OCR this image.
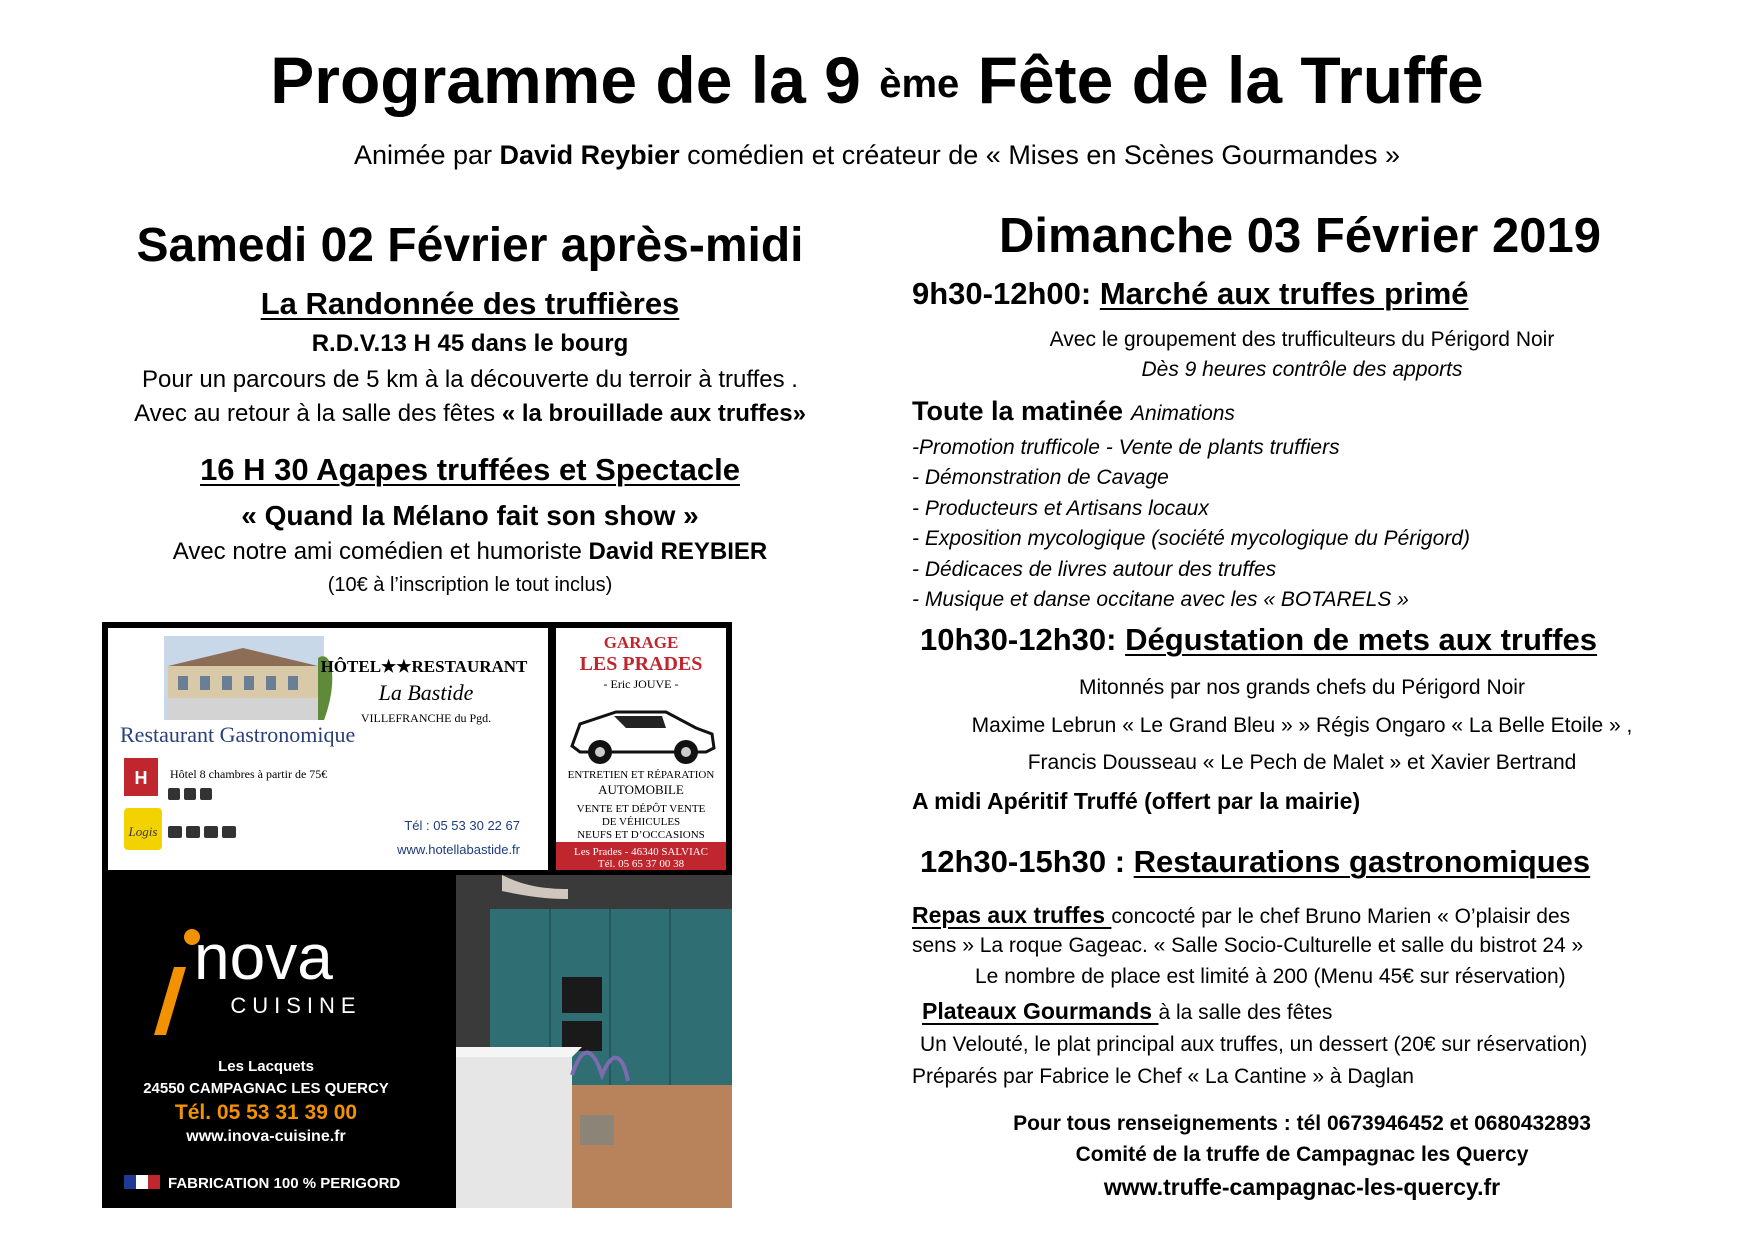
Programme de la 9 $^{ème}$ Fête de la Truffe
Animée par David Reybier comédien et créateur de « Mises en Scènes Gourmandes »
Samedi 02 Février après-midi
La Randonnée des truffières
R.D.V.13 H 45 dans le bourg
Pour un parcours de 5 km à la découverte du terroir à truffes .
Avec au retour à la salle des fêtes « la brouillade aux truffes»
16 H 30 Agapes truffées et Spectacle
« Quand la Mélano fait son show »
Avec notre ami comédien et humoriste David REYBIER
(10€ à l’inscription le tout inclus)
HÔTEL★★RESTAURANT
La Bastide
VILLEFRANCHE du Pgd.
Restaurant Gastronomique
H Hôtel 8 chambres à partir de 75€
Logis	Tél : 05 53 30 22 67
www.hotellabastide.fr
GARAGE
LES PRADES
- Eric JOUVE -
ENTRETIEN ET RÉPARATION
AUTOMOBILE
VENTE ET DÉPÔT VENTE
DE VÉHICULES
NEUFS ET D’OCCASIONS
Les Prades - 46340 SALVIAC
Tél. 05 65 37 00 38
i
nova
CUISINE
Les Lacquets
24550 CAMPAGNAC LES QUERCY
Tél. 05 53 31 39 00
www.inova-cuisine.fr
FABRICATION 100 % PERIGORD
Dimanche 03 Février 2019
9h30-12h00: Marché aux truffes primé
Avec le groupement des trufficulteurs du Périgord Noir
Dès 9 heures contrôle des apports
Toute la matinée Animations
-Promotion trufficole - Vente de plants truffiers
- Démonstration de Cavage
- Producteurs et Artisans locaux
- Exposition mycologique (société mycologique du Périgord)
- Dédicaces de livres autour des truffes
- Musique et danse occitane avec les « BOTARELS »
10h30-12h30: Dégustation de mets aux truffes
Mitonnés par nos grands chefs du Périgord Noir
Maxime Lebrun « Le Grand Bleu » » Régis Ongaro « La Belle Etoile » ,
Francis Dousseau « Le Pech de Malet » et Xavier Bertrand
A midi Apéritif Truffé (offert par la mairie)
12h30-15h30 : Restaurations gastronomiques
Repas aux truffes concocté par le chef Bruno Marien « O’plaisir des
sens » La roque Gageac. « Salle Socio-Culturelle et salle du bistrot 24 »
Le nombre de place est limité à 200 (Menu 45€ sur réservation)
Plateaux Gourmands à la salle des fêtes
Un Velouté, le plat principal aux truffes, un dessert (20€ sur réservation)
Préparés par Fabrice le Chef « La Cantine » à Daglan
Pour tous renseignements : tél 0673946452 et 0680432893
Comité de la truffe de Campagnac les Quercy
www.truffe-campagnac-les-quercy.fr
